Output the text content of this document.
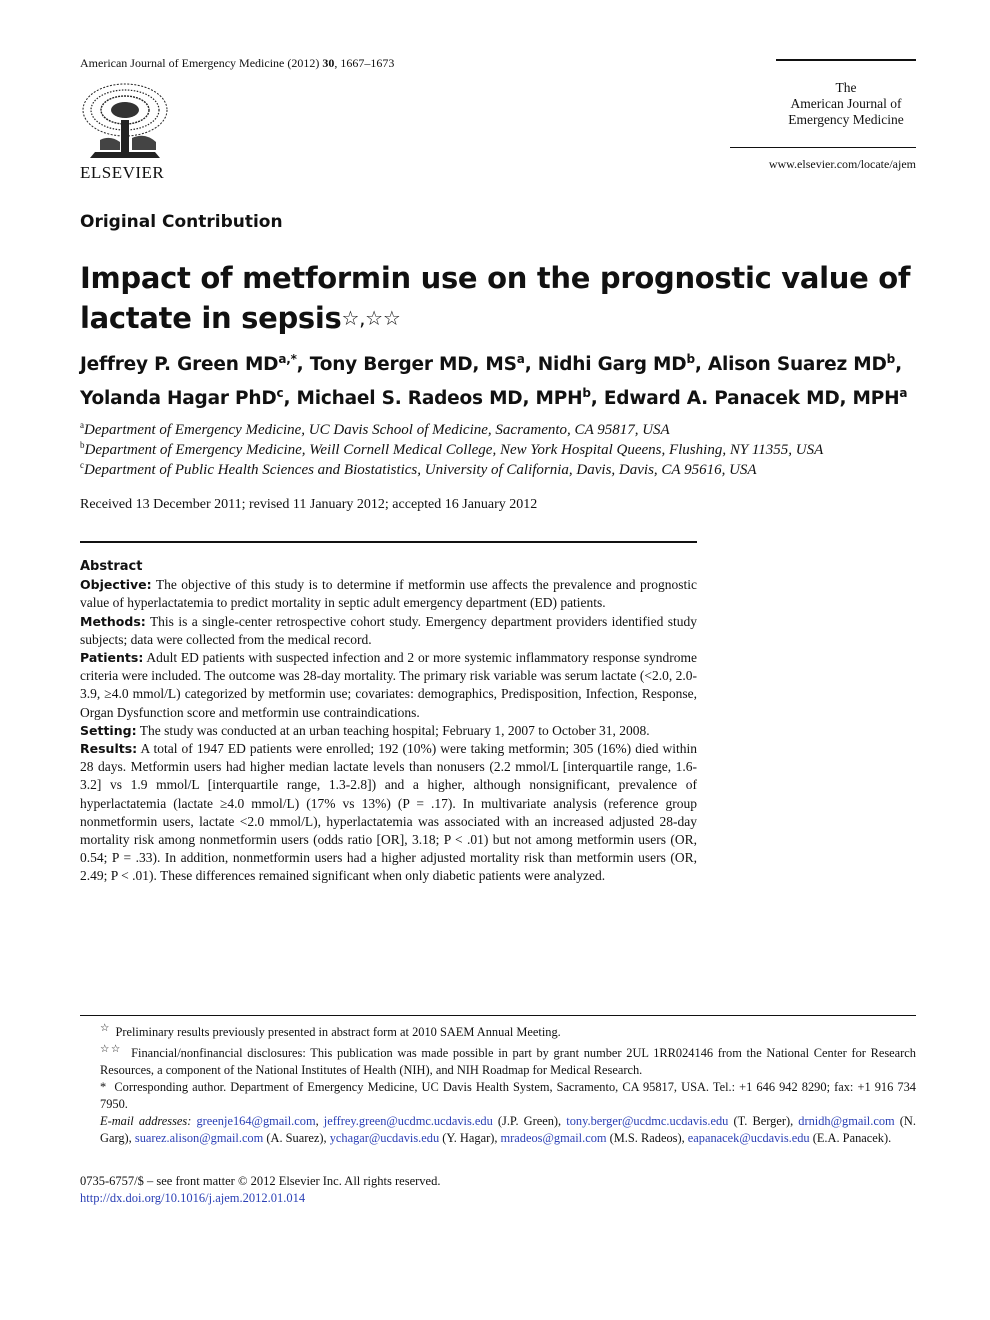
American Journal of Emergency Medicine (2012) 30, 1667–1673
ELSEVIER
The
American Journal of
Emergency Medicine
www.elsevier.com/locate/ajem
Original Contribution
Impact of metformin use on the prognostic value of lactate in sepsis☆,☆☆
Jeffrey P. Green $MD^{a,*}$, Tony Berger MD, $MS^a$, Nidhi Garg $MD^b$, Alison Suarez $MD^b$,
Yolanda Hagar PhD$^c$, Michael S. Radeos MD, MPH$^b$, Edward A. Panacek MD, MPH$^a$
$^a$Department of Emergency Medicine, UC Davis School of Medicine, Sacramento, CA 95817, USA
$^b$Department of Emergency Medicine, Weill Cornell Medical College, New York Hospital Queens, Flushing, NY 11355, USA
$^c$Department of Public Health Sciences and Biostatistics, University of California, Davis, Davis, CA 95616, USA
Received 13 December 2011; revised 11 January 2012; accepted 16 January 2012

Abstract

Objective: The objective of this study is to determine if metformin use affects the prevalence and prognostic value of hyperlactatemia to predict mortality in septic adult emergency department (ED) patients.

Methods: This is a single-center retrospective cohort study. Emergency department providers identified study subjects; data were collected from the medical record.

Patients: Adult ED patients with suspected infection and 2 or more systemic inflammatory response syndrome criteria were included. The outcome was 28-day mortality. The primary risk variable was serum lactate (<2.0, 2.0-3.9, ≥4.0 mmol/L) categorized by metformin use; covariates: demographics, Predisposition, Infection, Response, Organ Dysfunction score and metformin use contraindications.

Setting: The study was conducted at an urban teaching hospital; February 1, 2007 to October 31, 2008.

Results: A total of 1947 ED patients were enrolled; 192 (10%) were taking metformin; 305 (16%) died within 28 days. Metformin users had higher median lactate levels than nonusers (2.2 mmol/L [interquartile range, 1.6-3.2] vs 1.9 mmol/L [interquartile range, 1.3-2.8]) and a higher, although nonsignificant, prevalence of hyperlactatemia (lactate ≥4.0 mmol/L) (17% vs 13%) (P = .17). In multivariate analysis (reference group nonmetformin users, lactate <2.0 mmol/L), hyperlactatemia was associated with an increased adjusted 28-day mortality risk among nonmetformin users (odds ratio [OR], 3.18; P < .01) but not among metformin users (OR, 0.54; P = .33). In addition, nonmetformin users had a higher adjusted mortality risk than metformin users (OR, 2.49; P < .01). These differences remained significant when only diabetic patients were analyzed.

☆ Preliminary results previously presented in abstract form at 2010 SAEM Annual Meeting.

☆☆ Financial/nonfinancial disclosures: This publication was made possible in part by grant number 2UL 1RR024146 from the National Center for Research Resources, a component of the National Institutes of Health (NIH), and NIH Roadmap for Medical Research.

* Corresponding author. Department of Emergency Medicine, UC Davis Health System, Sacramento, CA 95817, USA. Tel.: +1 646 942 8290; fax: +1 916 734 7950.

E-mail addresses: greenje164@gmail.com, jeffrey.green@ucdmc.ucdavis.edu (J.P. Green), tony.berger@ucdmc.ucdavis.edu (T. Berger), drnidh@gmail.com (N. Garg), suarez.alison@gmail.com (A. Suarez), ychagar@ucdavis.edu (Y. Hagar), mradeos@gmail.com (M.S. Radeos), eapanacek@ucdavis.edu (E.A. Panacek).

0735-6757/$ – see front matter © 2012 Elsevier Inc. All rights reserved.
http://dx.doi.org/10.1016/j.ajem.2012.01.014
